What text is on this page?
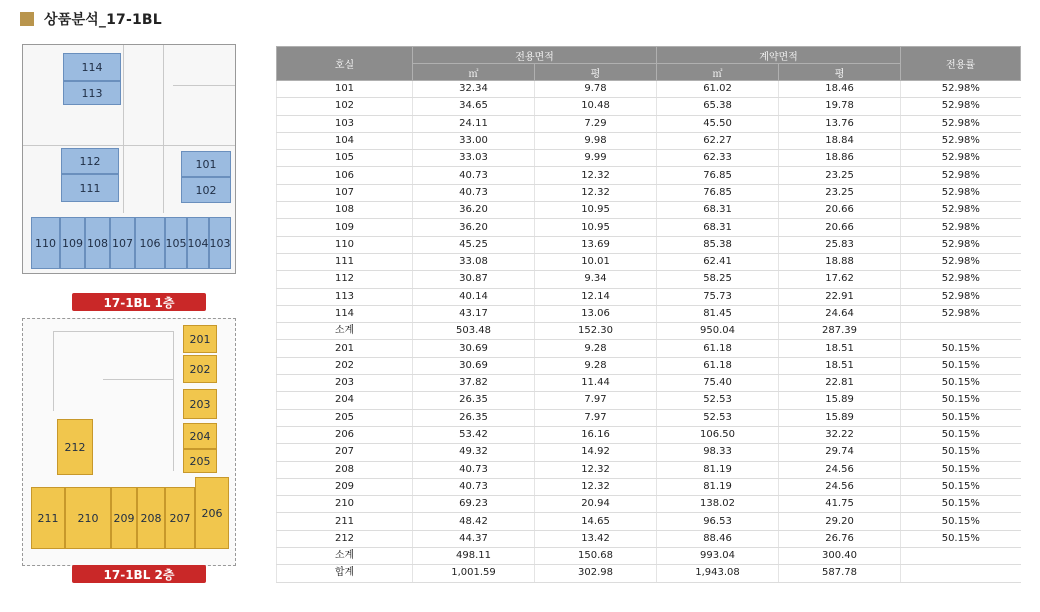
상품분석_17-1BL
114
113
112
111
101
102
110 109 108 107 106 105 104 103
17-1BL 1층
201
202
203
204
205
212
211	210	209 208 207	206
17-1BL 2층
호실	전용면적		계약면적		전용률
	㎡	평	㎡	평	
101	32.34	9.78	61.02	18.46	52.98%
102	34.65	10.48	65.38	19.78	52.98%
103	24.11	7.29	45.50	13.76	52.98%
104	33.00	9.98	62.27	18.84	52.98%
105	33.03	9.99	62.33	18.86	52.98%
106	40.73	12.32	76.85	23.25	52.98%
107	40.73	12.32	76.85	23.25	52.98%
108	36.20	10.95	68.31	20.66	52.98%
109	36.20	10.95	68.31	20.66	52.98%
110	45.25	13.69	85.38	25.83	52.98%
111	33.08	10.01	62.41	18.88	52.98%
112	30.87	9.34	58.25	17.62	52.98%
113	40.14	12.14	75.73	22.91	52.98%
114	43.17	13.06	81.45	24.64	52.98%
소계	503.48	152.30	950.04	287.39	
201	30.69	9.28	61.18	18.51	50.15%
202	30.69	9.28	61.18	18.51	50.15%
203	37.82	11.44	75.40	22.81	50.15%
204	26.35	7.97	52.53	15.89	50.15%
205	26.35	7.97	52.53	15.89	50.15%
206	53.42	16.16	106.50	32.22	50.15%
207	49.32	14.92	98.33	29.74	50.15%
208	40.73	12.32	81.19	24.56	50.15%
209	40.73	12.32	81.19	24.56	50.15%
210	69.23	20.94	138.02	41.75	50.15%
211	48.42	14.65	96.53	29.20	50.15%
212	44.37	13.42	88.46	26.76	50.15%
소계	498.11	150.68	993.04	300.40	
합계	1,001.59	302.98	1,943.08	587.78	
